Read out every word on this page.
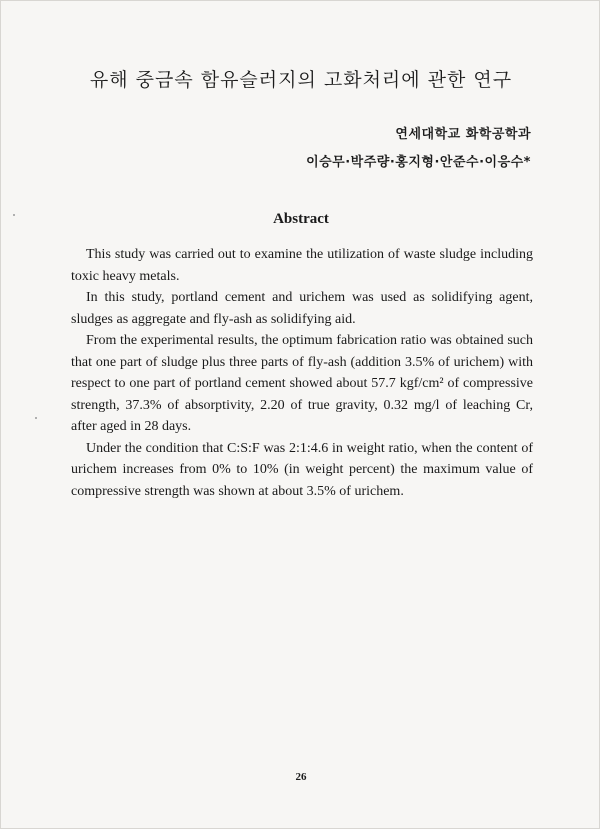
유해 중금속 함유슬러지의 고화처리에 관한 연구
연세대학교 화학공학과
이승무·박주량·홍지형·안준수·이응수*
Abstract

This study was carried out to examine the utilization of waste sludge including toxic heavy metals.

In this study, portland cement and urichem was used as solidifying agent, sludges as aggregate and fly-ash as solidifying aid.

From the experimental results, the optimum fabrication ratio was obtained such that one part of sludge plus three parts of fly-ash (addition 3.5% of urichem) with respect to one part of portland cement showed about 57.7 kgf/cm² of compressive strength, 37.3% of absorptivity, 2.20 of true gravity, 0.32 mg/l of leaching Cr, after aged in 28 days.

Under the condition that C:S:F was 2:1:4.6 in weight ratio, when the content of urichem increases from 0% to 10% (in weight percent) the maximum value of compressive strength was shown at about 3.5% of urichem.

26
